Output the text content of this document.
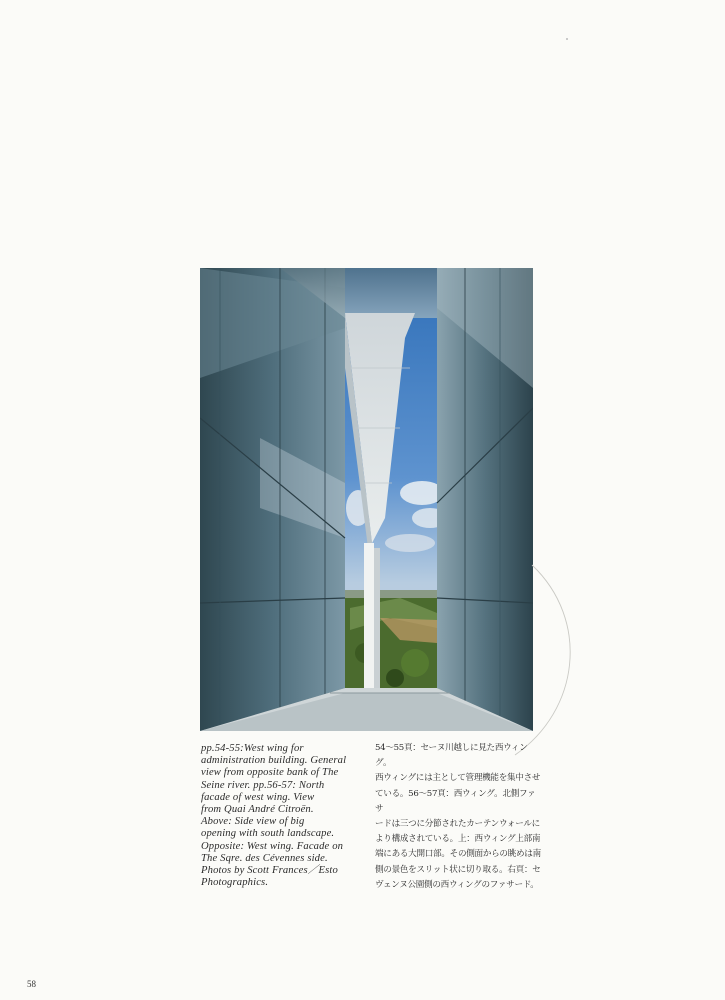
pp.54-55:West wing for
administration building. General
view from opposite bank of The
Seine river. pp.56-57: North
facade of west wing. View
from Quai André Citroën.
Above: Side view of big
opening with south landscape.
Opposite: West wing. Facade on
The Sqre. des Cévennes side.
Photos by Scott Frances／Esto
Photographics.
54～55頁：セーヌ川越しに見た西ウィング。
西ウィングには主として管理機能を集中させ
ている。56～57頁：西ウィング。北側ファサ
ードは三つに分節されたカーテンウォールに
より構成されている。上：西ウィング上部南
端にある大開口部。その側面からの眺めは南
側の景色をスリット状に切り取る。右頁：セ
ヴェンヌ公園側の西ウィングのファサード。
58
